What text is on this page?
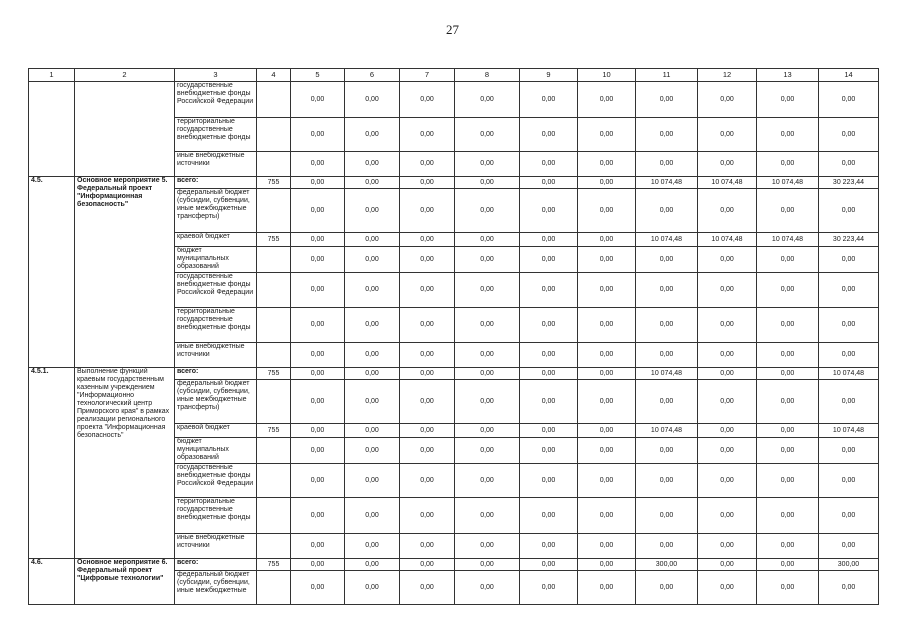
27
1	2	3	4	5	6	7	8	9	10	11	12	13	14
		государственные внебюджетные фонды Российской Федерации		0,00	0,00	0,00	0,00	0,00	0,00	0,00	0,00	0,00	0,00
		территориальные государственные внебюджетные фонды		0,00	0,00	0,00	0,00	0,00	0,00	0,00	0,00	0,00	0,00
		иные внебюджетные источники		0,00	0,00	0,00	0,00	0,00	0,00	0,00	0,00	0,00	0,00
4.5.	Основное мероприятие 5. Федеральный проект "Информационная безопасность"	всего:	755	0,00	0,00	0,00	0,00	0,00	0,00	10 074,48	10 074,48	10 074,48	30 223,44
		федеральный бюджет (субсидии, субвенции, иные межбюджетные трансферты)		0,00	0,00	0,00	0,00	0,00	0,00	0,00	0,00	0,00	0,00
		краевой бюджет	755	0,00	0,00	0,00	0,00	0,00	0,00	10 074,48	10 074,48	10 074,48	30 223,44
		бюджет муниципальных образований		0,00	0,00	0,00	0,00	0,00	0,00	0,00	0,00	0,00	0,00
		государственные внебюджетные фонды Российской Федерации		0,00	0,00	0,00	0,00	0,00	0,00	0,00	0,00	0,00	0,00
		территориальные государственные внебюджетные фонды		0,00	0,00	0,00	0,00	0,00	0,00	0,00	0,00	0,00	0,00
		иные внебюджетные источники		0,00	0,00	0,00	0,00	0,00	0,00	0,00	0,00	0,00	0,00
4.5.1.	Выполнение функций краевым государственным казенным учреждением "Информационно технологический центр Приморского края" в рамках реализации регионального проекта "Информационная безопасность"	всего:	755	0,00	0,00	0,00	0,00	0,00	0,00	10 074,48	0,00	0,00	10 074,48
		федеральный бюджет (субсидии, субвенции, иные межбюджетные трансферты)		0,00	0,00	0,00	0,00	0,00	0,00	0,00	0,00	0,00	0,00
		краевой бюджет	755	0,00	0,00	0,00	0,00	0,00	0,00	10 074,48	0,00	0,00	10 074,48
		бюджет муниципальных образований		0,00	0,00	0,00	0,00	0,00	0,00	0,00	0,00	0,00	0,00
		государственные внебюджетные фонды Российской Федерации		0,00	0,00	0,00	0,00	0,00	0,00	0,00	0,00	0,00	0,00
		территориальные государственные внебюджетные фонды		0,00	0,00	0,00	0,00	0,00	0,00	0,00	0,00	0,00	0,00
		иные внебюджетные источники		0,00	0,00	0,00	0,00	0,00	0,00	0,00	0,00	0,00	0,00
4.6.	Основное мероприятие 6. Федеральный проект "Цифровые технологии"	всего:	755	0,00	0,00	0,00	0,00	0,00	0,00	300,00	0,00	0,00	300,00
		федеральный бюджет (субсидии, субвенции, иные межбюджетные		0,00	0,00	0,00	0,00	0,00	0,00	0,00	0,00	0,00	0,00
